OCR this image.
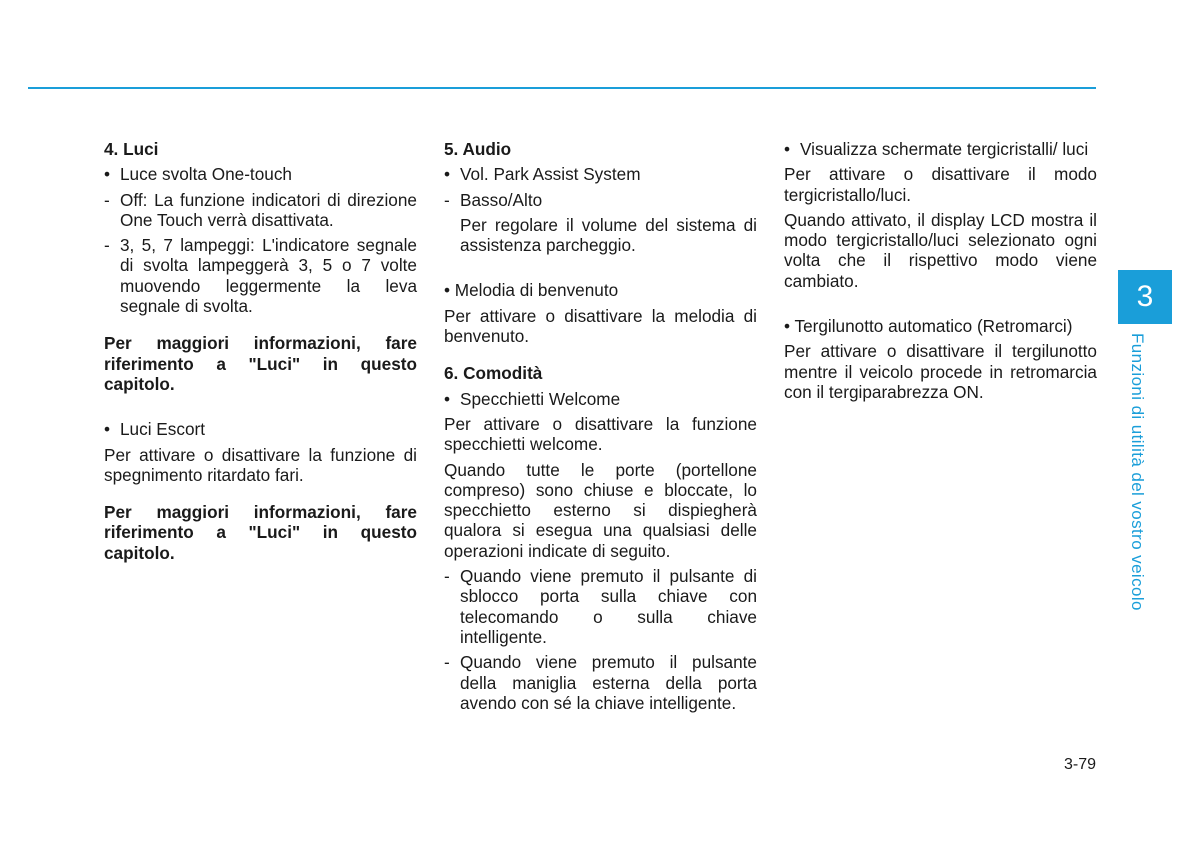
4. Luci
• Luce svolta One-touch
- Off: La funzione indicatori di direzione One Touch verrà disattivata.
- 3, 5, 7 lampeggi: L'indicatore segnale di svolta lampeggerà 3, 5 o 7 volte muovendo leggermente la leva segnale di svolta.
Per maggiori informazioni, fare riferimento a "Luci" in questo capitolo.
• Luci Escort
Per attivare o disattivare la funzione di spegnimento ritardato fari.
Per maggiori informazioni, fare riferimento a "Luci" in questo capitolo.
5. Audio
• Vol. Park Assist System
- Basso/Alto
Per regolare il volume del sistema di assistenza parcheggio.
• Melodia di benvenuto
Per attivare o disattivare la melodia di benvenuto.
6. Comodità
• Specchietti Welcome
Per attivare o disattivare la funzione specchietti welcome.
Quando tutte le porte (portellone compreso) sono chiuse e bloccate, lo specchietto esterno si dispiegherà qualora si esegua una qualsiasi delle operazioni indicate di seguito.
- Quando viene premuto il pulsante di sblocco porta sulla chiave con telecomando o sulla chiave intelligente.
- Quando viene premuto il pulsante della maniglia esterna della porta avendo con sé la chiave intelligente.
• Visualizza schermate tergicristalli/ luci
Per attivare o disattivare il modo tergicristallo/luci.
Quando attivato, il display LCD mostra il modo tergicristallo/luci selezionato ogni volta che il rispettivo modo viene cambiato.
• Tergilunotto automatico (Retromarci)
Per attivare o disattivare il tergilunotto mentre il veicolo procede in retromarcia con il tergiparabrezza ON.
3
Funzioni di utilità del vostro veicolo
3-79
